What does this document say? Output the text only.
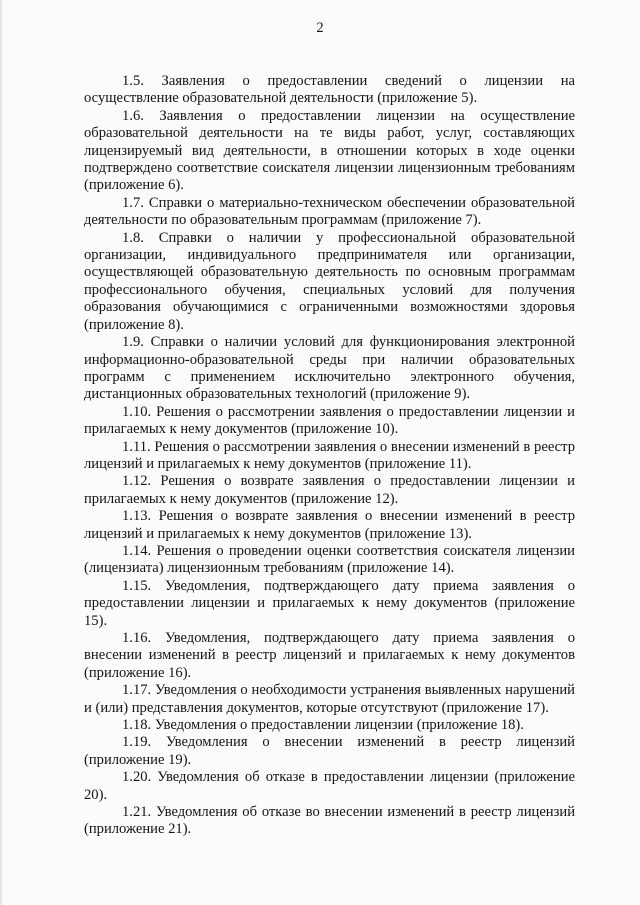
2

1.5. Заявления о предоставлении сведений о лицензии на осуществление образовательной деятельности (приложение 5).

1.6. Заявления о предоставлении лицензии на осуществление образовательной деятельности на те виды работ, услуг, составляющих лицензируемый вид деятельности, в отношении которых в ходе оценки подтверждено соответствие соискателя лицензии лицензионным требованиям (приложение 6).

1.7. Справки о материально-техническом обеспечении образовательной деятельности по образовательным программам (приложение 7).

1.8. Справки о наличии у профессиональной образовательной организации, индивидуального предпринимателя или организации, осуществляющей образовательную деятельность по основным программам профессионального обучения, специальных условий для получения образования обучающимися с ограниченными возможностями здоровья (приложение 8).

1.9. Справки о наличии условий для функционирования электронной информационно-образовательной среды при наличии образовательных программ с применением исключительно электронного обучения, дистанционных образовательных технологий (приложение 9).

1.10. Решения о рассмотрении заявления о предоставлении лицензии и прилагаемых к нему документов (приложение 10).

1.11. Решения о рассмотрении заявления о внесении изменений в реестр лицензий и прилагаемых к нему документов (приложение 11).

1.12. Решения о возврате заявления о предоставлении лицензии и прилагаемых к нему документов (приложение 12).

1.13. Решения о возврате заявления о внесении изменений в реестр лицензий и прилагаемых к нему документов (приложение 13).

1.14. Решения о проведении оценки соответствия соискателя лицензии (лицензиата) лицензионным требованиям (приложение 14).

1.15. Уведомления, подтверждающего дату приема заявления о предоставлении лицензии и прилагаемых к нему документов (приложение 15).

1.16. Уведомления, подтверждающего дату приема заявления о внесении изменений в реестр лицензий и прилагаемых к нему документов (приложение 16).

1.17. Уведомления о необходимости устранения выявленных нарушений и (или) представления документов, которые отсутствуют (приложение 17).

1.18. Уведомления о предоставлении лицензии (приложение 18).

1.19. Уведомления о внесении изменений в реестр лицензий (приложение 19).

1.20. Уведомления об отказе в предоставлении лицензии (приложение 20).

1.21. Уведомления об отказе во внесении изменений в реестр лицензий (приложение 21).
